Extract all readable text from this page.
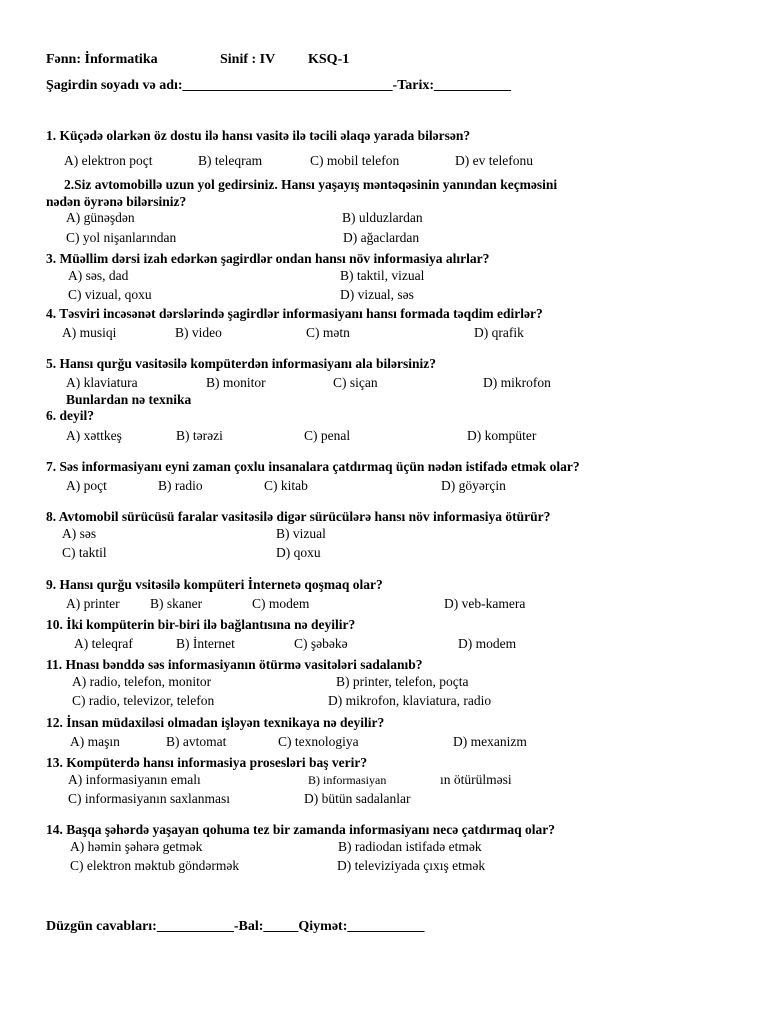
Fənn: İnformatika	Sinif : IV KSQ-1
Şagirdin soyadı və adı:______________________________-Tarix:___________
1. Küçədə olarkən öz dostu ilə hansı vasitə ilə təcili əlaqə yarada bilərsən?
A) elektron poçt	B) teleqram	C) mobil telefon	D) ev telefonu
2.Siz avtomobillə uzun yol gedirsiniz. Hansı yaşayış məntəqəsinin yanından keçməsini
nədən öyrənə bilərsiniz?
A) günəşdən	B) ulduzlardan
C) yol nişanlarından	D) ağaclardan
3. Müəllim dərsi izah edərkən şagirdlər ondan hansı növ informasiya alırlar?
A) səs, dad	B) taktil, vizual
C) vizual, qoxu	D) vizual, səs
4. Təsviri incəsənət dərslərində şagirdlər informasiyanı hansı formada təqdim edirlər?
A) musiqi	B) video	C) mətn	D) qrafik
5. Hansı qurğu vasitəsilə kompüterdən informasiyanı ala bilərsiniz?
A) klaviatura	B) monitor	C) siçan	D) mikrofon
Bunlardan nə texnika
6. deyil?
A) xəttkeş	B) tərəzi	C) penal	D) kompüter
7. Səs informasiyanı eyni zaman çoxlu insanalara çatdırmaq üçün nədən istifadə etmək olar?
A) poçt	B) radio	C) kitab	D) göyərçin
8. Avtomobil sürücüsü faralar vasitəsilə digər sürücülərə hansı növ informasiya ötürür?
A) səs	B) vizual
C) taktil	D) qoxu
9. Hansı qurğu vsitəsilə kompüteri İnternetə qoşmaq olar?
A) printer B) skaner	C) modem	D) veb-kamera
10. İki kompüterin bir-biri ilə bağlantısına nə deyilir?
A) teleqraf	B) İnternet	C) şəbəkə	D) modem
11. Hnası bənddə səs informasiyanın ötürmə vasitələri sadalanıb?
A) radio, telefon, monitor	B) printer, telefon, poçta
C) radio, televizor, telefon	D) mikrofon, klaviatura, radio
12. İnsan müdaxiləsi olmadan işləyən texnikaya nə deyilir?
A) maşın	B) avtomat	C) texnologiya	D) mexanizm
13. Kompüterdə hansı informasiya prosesləri baş verir?
A) informasiyanın emalı	B) informasiyan	ın ötürülməsi
C) informasiyanın saxlanması	D) bütün sadalanlar
14. Başqa şəhərdə yaşayan qohuma tez bir zamanda informasiyanı necə çatdırmaq olar?
A) həmin şəhərə getmək	B) radiodan istifadə etmək
C) elektron məktub göndərmək	D) televiziyada çıxış etmək
Düzgün cavabları:___________-Bal:_____Qiymət:___________
